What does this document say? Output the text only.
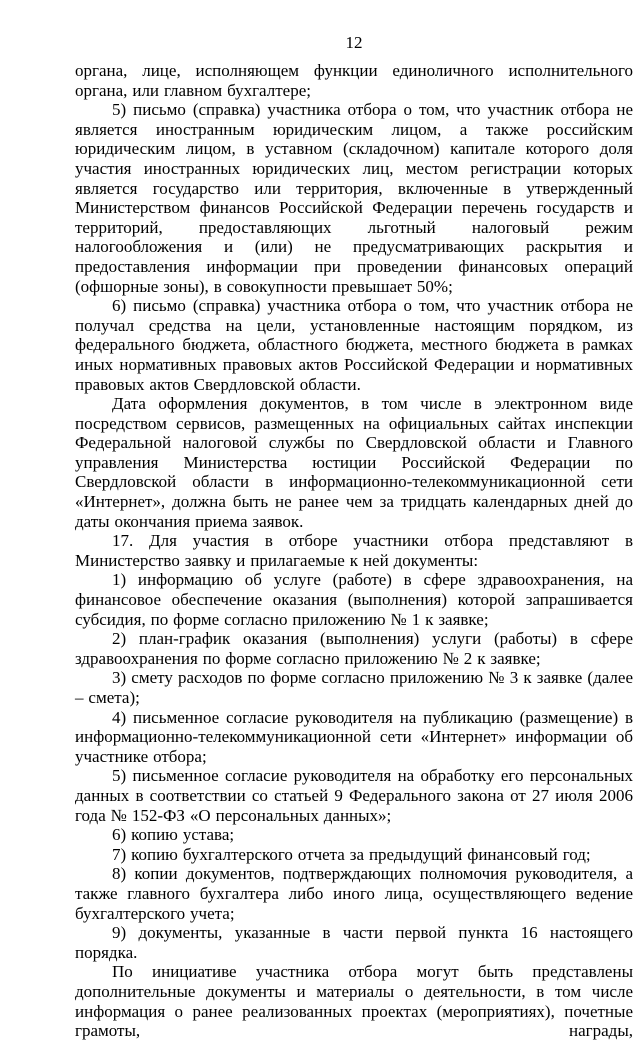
12

органа, лице, исполняющем функции единоличного исполнительного органа, или главном бухгалтере;

5) письмо (справка) участника отбора о том, что участник отбора не является иностранным юридическим лицом, а также российским юридическим лицом, в уставном (складочном) капитале которого доля участия иностранных юридических лиц, местом регистрации которых является государство или территория, включенные в утвержденный Министерством финансов Российской Федерации перечень государств и территорий, предоставляющих льготный налоговый режим налогообложения и (или) не предусматривающих раскрытия и предоставления информации при проведении финансовых операций (офшорные зоны), в совокупности превышает 50%;

6) письмо (справка) участника отбора о том, что участник отбора не получал средства на цели, установленные настоящим порядком, из федерального бюджета, областного бюджета, местного бюджета в рамках иных нормативных правовых актов Российской Федерации и нормативных правовых актов Свердловской области.

Дата оформления документов, в том числе в электронном виде посредством сервисов, размещенных на официальных сайтах инспекции Федеральной налоговой службы по Свердловской области и Главного управления Министерства юстиции Российской Федерации по Свердловской области в информационно-телекоммуникационной сети «Интернет», должна быть не ранее чем за тридцать календарных дней до даты окончания приема заявок.

17. Для участия в отборе участники отбора представляют в Министерство заявку и прилагаемые к ней документы:

1) информацию об услуге (работе) в сфере здравоохранения, на финансовое обеспечение оказания (выполнения) которой запрашивается субсидия, по форме согласно приложению № 1 к заявке;

2) план-график оказания (выполнения) услуги (работы) в сфере здравоохранения по форме согласно приложению № 2 к заявке;

3) смету расходов по форме согласно приложению № 3 к заявке (далее – смета);

4) письменное согласие руководителя на публикацию (размещение) в информационно-телекоммуникационной сети «Интернет» информации об участнике отбора;

5) письменное согласие руководителя на обработку его персональных данных в соответствии со статьей 9 Федерального закона от 27 июля 2006 года № 152-ФЗ «О персональных данных»;

6) копию устава;

7) копию бухгалтерского отчета за предыдущий финансовый год;

8) копии документов, подтверждающих полномочия руководителя, а также главного бухгалтера либо иного лица, осуществляющего ведение бухгалтерского учета;

9) документы, указанные в части первой пункта 16 настоящего порядка.

По инициативе участника отбора могут быть представлены дополнительные документы и материалы о деятельности, в том числе информация о ранее реализованных проектах (мероприятиях), почетные грамоты, награды,
